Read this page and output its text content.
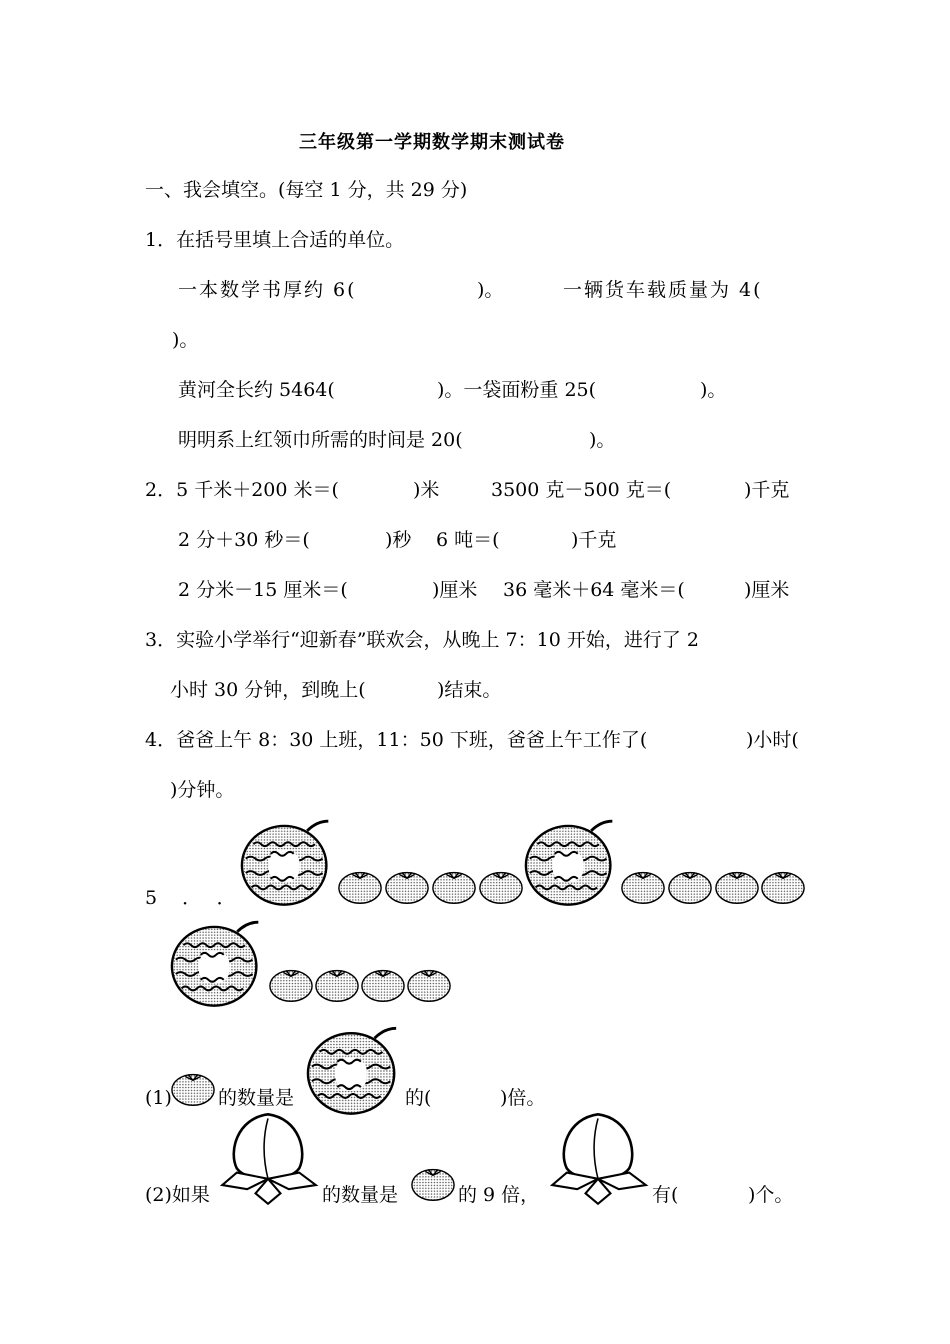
三年级第一学期数学期末测试卷
一、我会填空。(每空 1 分，共 29 分)
1．在括号里填上合适的单位。
一本数学书厚约 6(	)。	一辆货车载质量为 4(
)。
黄河全长约 5464(	)。一袋面粉重 25(	)。
明明系上红领巾所需的时间是 20(	)。
2．5 千米＋200 米＝(	)米	3500 克－500 克＝(	)千克
2 分＋30 秒＝(	)秒 6 吨＝(	)千克
2 分米－15 厘米＝(	)厘米 36 毫米＋64 毫米＝(	)厘米
3．实验小学举行“迎新春”联欢会，从晚上 7：10 开始，进行了 2
小时 30 分钟，到晚上(	)结束。
4．爸爸上午 8：30 上班，11：50 下班，爸爸上午工作了(	)小时(
)分钟。
5 　．　 ．
(1) 的数量是	的(	)倍。
(2)如果	的数量是	的 9 倍，	有(	)个。
